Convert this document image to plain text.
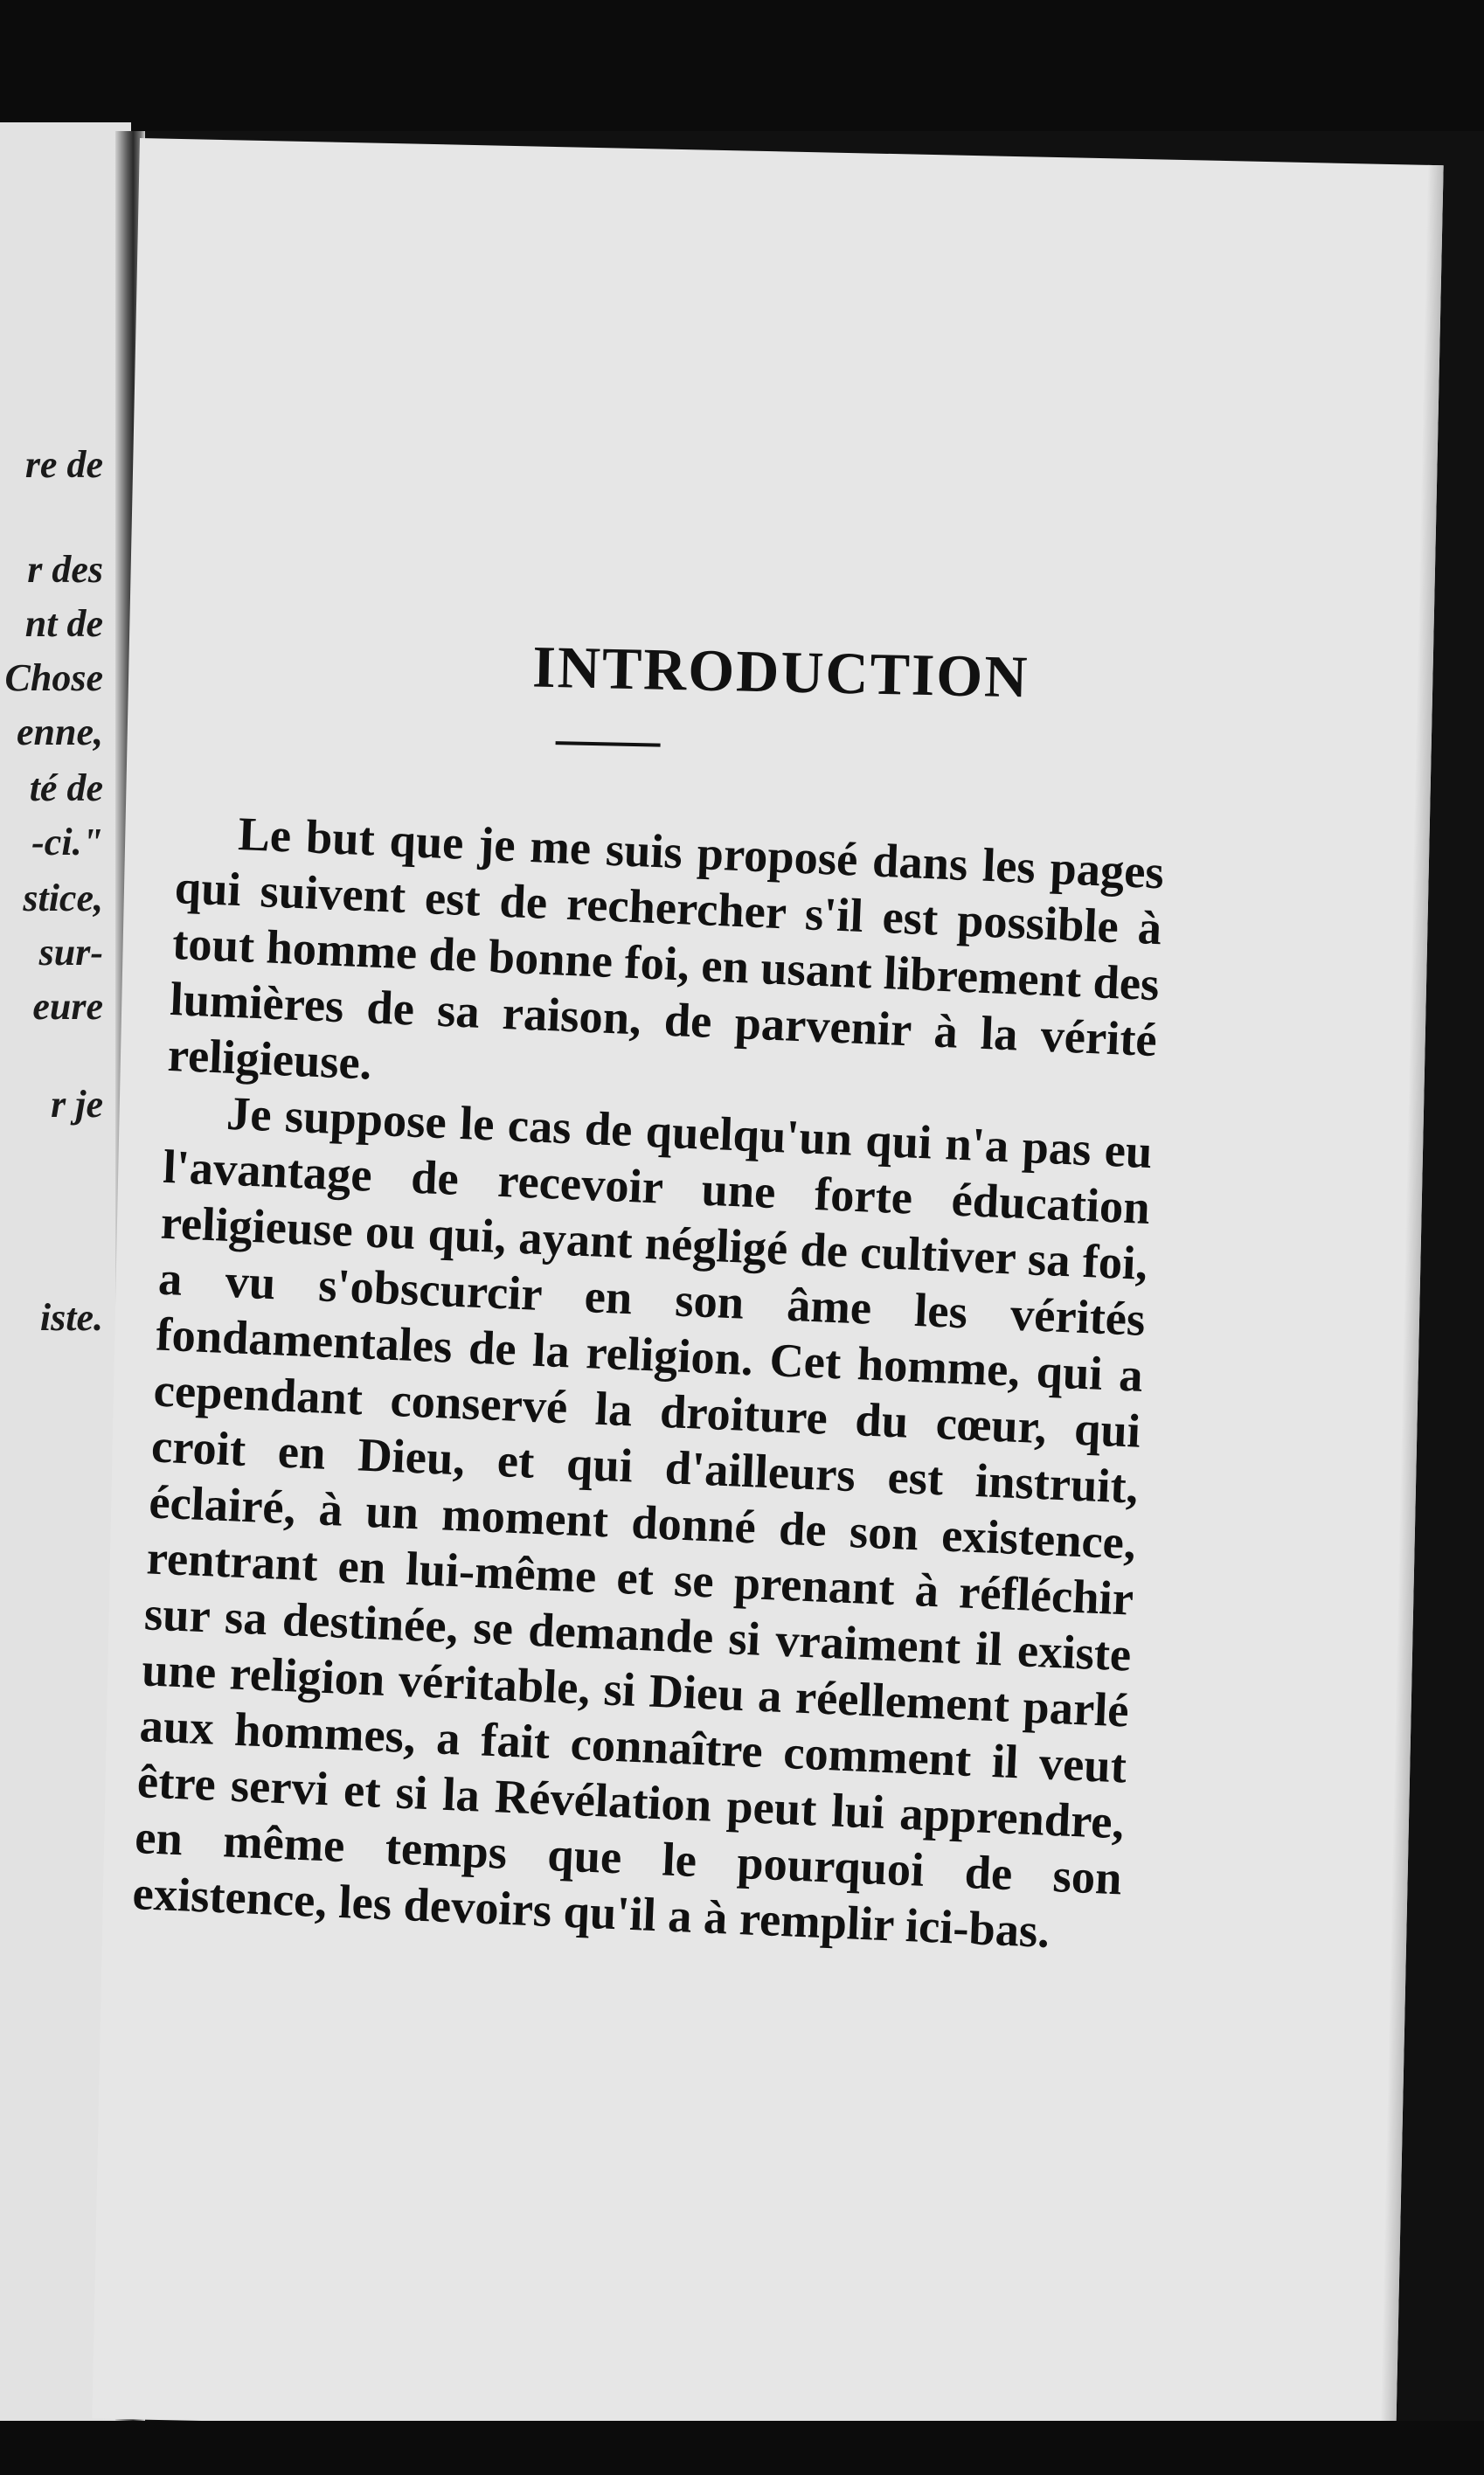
re de
r des
nt de
Chose
enne,
té de
-ci."
stice,
sur-
eure
r je
iste.
INTRODUCTION

Le but que je me suis proposé dans les pages qui suivent est de rechercher s'il est possible à tout homme de bonne foi, en usant librement des lumières de sa raison, de parvenir à la vérité religieuse.

Je suppose le cas de quelqu'un qui n'a pas eu l'avantage de recevoir une forte éducation religieuse ou qui, ayant négligé de cultiver sa foi, a vu s'obscurcir en son âme les vérités fondamentales de la religion. Cet homme, qui a cependant conservé la droiture du cœur, qui croit en Dieu, et qui d'ailleurs est instruit, éclairé, à un moment donné de son existence, rentrant en lui-même et se prenant à réfléchir sur sa destinée, se demande si vraiment il existe une religion véritable, si Dieu a réellement parlé aux hommes, a fait connaître comment il veut être servi et si la Révélation peut lui apprendre, en même temps que le pourquoi de son existence, les devoirs qu'il a à remplir ici-bas.
